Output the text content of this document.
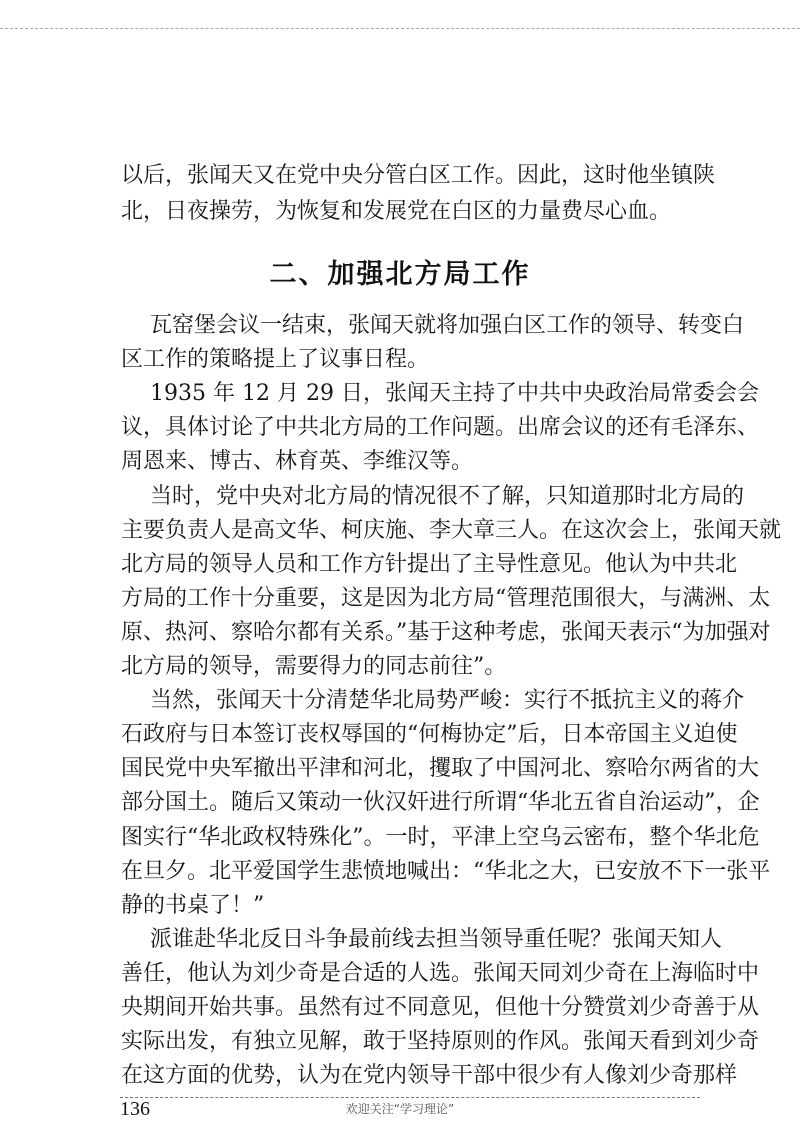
以后，张闻天又在党中央分管白区工作。因此，这时他坐镇陕
北，日夜操劳，为恢复和发展党在白区的力量费尽心血。
二、加强北方局工作
瓦窑堡会议一结束，张闻天就将加强白区工作的领导、转变白
区工作的策略提上了议事日程。
1935 年 12 月 29 日，张闻天主持了中共中央政治局常委会会
议，具体讨论了中共北方局的工作问题。出席会议的还有毛泽东、
周恩来、博古、林育英、李维汉等。
当时，党中央对北方局的情况很不了解，只知道那时北方局的
主要负责人是高文华、柯庆施、李大章三人。在这次会上，张闻天就
北方局的领导人员和工作方针提出了主导性意见。他认为中共北
方局的工作十分重要，这是因为北方局“管理范围很大，与满洲、太
原、热河、察哈尔都有关系。”基于这种考虑，张闻天表示“为加强对
北方局的领导，需要得力的同志前往”。
当然，张闻天十分清楚华北局势严峻：实行不抵抗主义的蒋介
石政府与日本签订丧权辱国的“何梅协定”后，日本帝国主义迫使
国民党中央军撤出平津和河北，攫取了中国河北、察哈尔两省的大
部分国土。随后又策动一伙汉奸进行所谓“华北五省自治运动”，企
图实行“华北政权特殊化”。一时，平津上空乌云密布，整个华北危
在旦夕。北平爱国学生悲愤地喊出：“华北之大，已安放不下一张平
静的书桌了！”
派谁赴华北反日斗争最前线去担当领导重任呢？张闻天知人
善任，他认为刘少奇是合适的人选。张闻天同刘少奇在上海临时中
央期间开始共事。虽然有过不同意见，但他十分赞赏刘少奇善于从
实际出发，有独立见解，敢于坚持原则的作风。张闻天看到刘少奇
在这方面的优势，认为在党内领导干部中很少有人像刘少奇那样
136	欢迎关注“学习理论”
